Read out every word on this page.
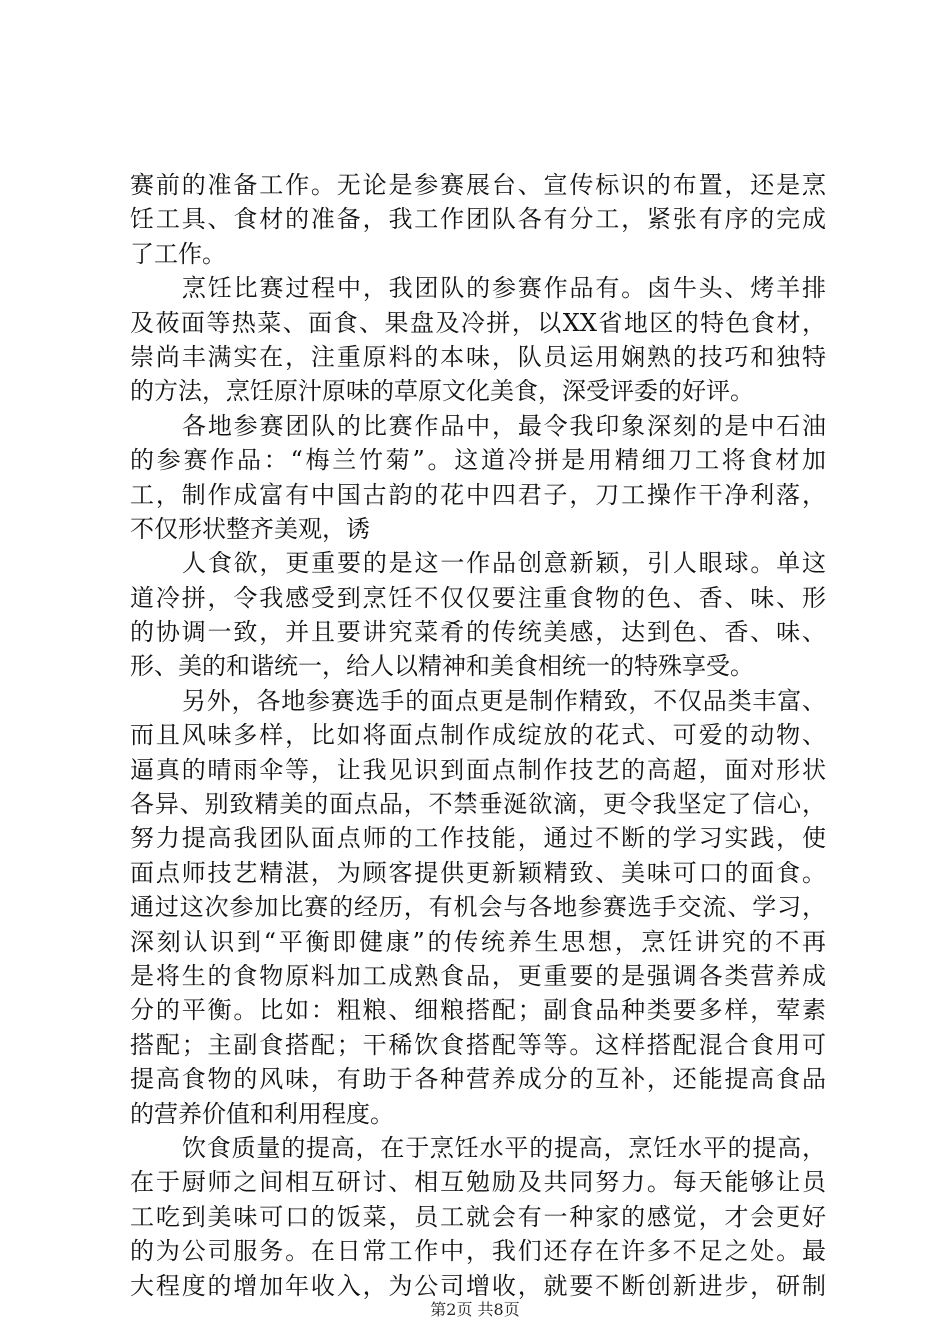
赛前的准备工作。无论是参赛展台、宣传标识的布置，还是烹
饪工具、食材的准备，我工作团队各有分工，紧张有序的完成
了工作。
烹饪比赛过程中，我团队的参赛作品有。卤牛头、烤羊排
及莜面等热菜、面食、果盘及冷拼，以XX省地区的特色食材，
崇尚丰满实在，注重原料的本味，队员运用娴熟的技巧和独特
的方法，烹饪原汁原味的草原文化美食，深受评委的好评。
各地参赛团队的比赛作品中，最令我印象深刻的是中石油
的参赛作品：“梅兰竹菊”。这道冷拼是用精细刀工将食材加
工，制作成富有中国古韵的花中四君子，刀工操作干净利落，
不仅形状整齐美观，诱
人食欲，更重要的是这一作品创意新颖，引人眼球。单这
道冷拼，令我感受到烹饪不仅仅要注重食物的色、香、味、形
的协调一致，并且要讲究菜肴的传统美感，达到色、香、味、
形、美的和谐统一，给人以精神和美食相统一的特殊享受。
另外，各地参赛选手的面点更是制作精致，不仅品类丰富、
而且风味多样，比如将面点制作成绽放的花式、可爱的动物、
逼真的晴雨伞等，让我见识到面点制作技艺的高超，面对形状
各异、别致精美的面点品，不禁垂涎欲滴，更令我坚定了信心，
努力提高我团队面点师的工作技能，通过不断的学习实践，使
面点师技艺精湛，为顾客提供更新颖精致、美味可口的面食。
通过这次参加比赛的经历，有机会与各地参赛选手交流、学习，
深刻认识到“平衡即健康”的传统养生思想，烹饪讲究的不再
是将生的食物原料加工成熟食品，更重要的是强调各类营养成
分的平衡。比如：粗粮、细粮搭配；副食品种类要多样，荤素
搭配；主副食搭配；干稀饮食搭配等等。这样搭配混合食用可
提高食物的风味，有助于各种营养成分的互补，还能提高食品
的营养价值和利用程度。
饮食质量的提高，在于烹饪水平的提高，烹饪水平的提高，
在于厨师之间相互研讨、相互勉励及共同努力。每天能够让员
工吃到美味可口的饭菜，员工就会有一种家的感觉，才会更好
的为公司服务。在日常工作中，我们还存在许多不足之处。最
大程度的增加年收入，为公司增收，就要不断创新进步，研制
第2页 共8页
